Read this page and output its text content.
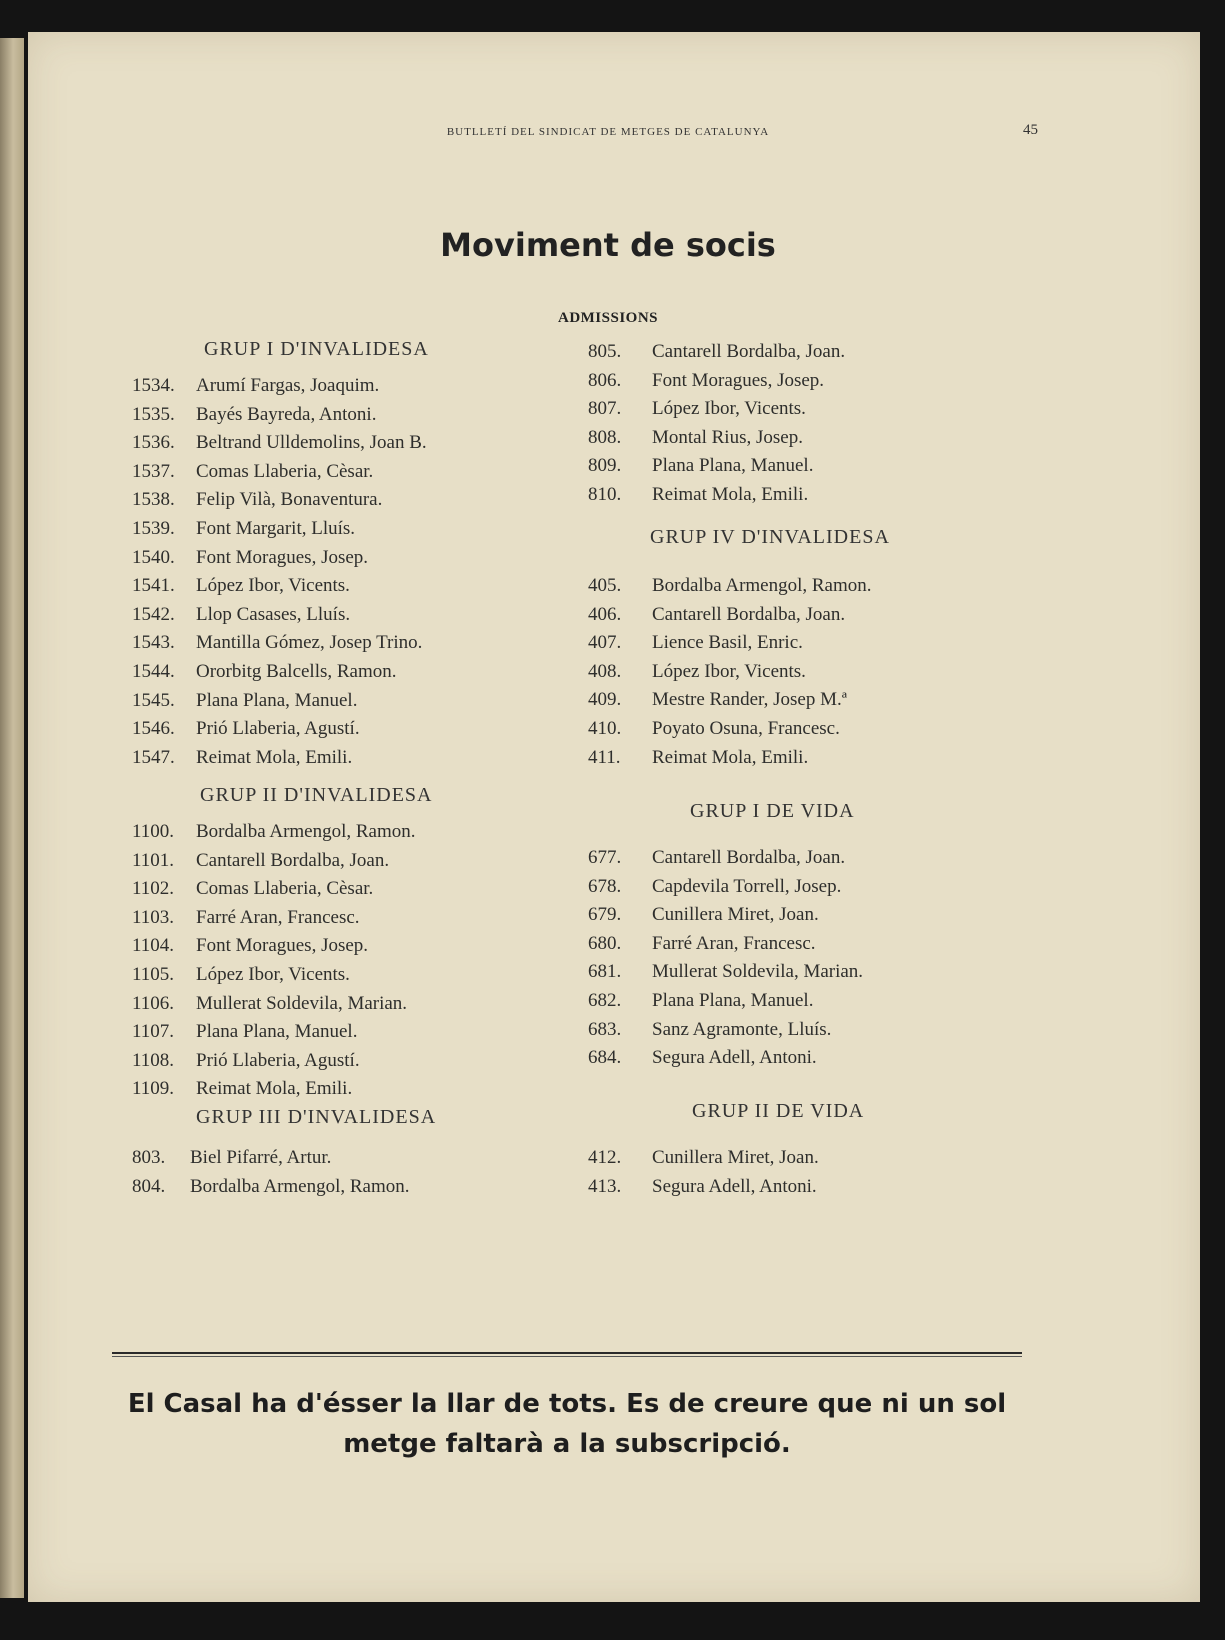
BUTLLETÍ DEL SINDICAT DE METGES DE CATALUNYA	45
Moviment de socis
ADMISSIONS
GRUP I D'INVALIDESA
1534. Arumí Fargas, Joaquim.
1535. Bayés Bayreda, Antoni.
1536. Beltrand Ulldemolins, Joan B.
1537. Comas Llaberia, Cèsar.
1538. Felip Vilà, Bonaventura.
1539. Font Margarit, Lluís.
1540. Font Moragues, Josep.
1541. López Ibor, Vicents.
1542. Llop Casases, Lluís.
1543. Mantilla Gómez, Josep Trino.
1544. Ororbitg Balcells, Ramon.
1545. Plana Plana, Manuel.
1546. Prió Llaberia, Agustí.
1547. Reimat Mola, Emili.
GRUP II D'INVALIDESA
1100. Bordalba Armengol, Ramon.
1101. Cantarell Bordalba, Joan.
1102. Comas Llaberia, Cèsar.
1103. Farré Aran, Francesc.
1104. Font Moragues, Josep.
1105. López Ibor, Vicents.
1106. Mullerat Soldevila, Marian.
1107. Plana Plana, Manuel.
1108. Prió Llaberia, Agustí.
1109. Reimat Mola, Emili.
GRUP III D'INVALIDESA
803. Biel Pifarré, Artur.
804. Bordalba Armengol, Ramon.
805. Cantarell Bordalba, Joan.
806. Font Moragues, Josep.
807. López Ibor, Vicents.
808. Montal Rius, Josep.
809. Plana Plana, Manuel.
810. Reimat Mola, Emili.
GRUP IV D'INVALIDESA
405. Bordalba Armengol, Ramon.
406. Cantarell Bordalba, Joan.
407. Lience Basil, Enric.
408. López Ibor, Vicents.
409. Mestre Rander, Josep M.ª
410. Poyato Osuna, Francesc.
411. Reimat Mola, Emili.
GRUP I DE VIDA
677. Cantarell Bordalba, Joan.
678. Capdevila Torrell, Josep.
679. Cunillera Miret, Joan.
680. Farré Aran, Francesc.
681. Mullerat Soldevila, Marian.
682. Plana Plana, Manuel.
683. Sanz Agramonte, Lluís.
684. Segura Adell, Antoni.
GRUP II DE VIDA
412. Cunillera Miret, Joan.
413. Segura Adell, Antoni.
El Casal ha d'ésser la llar de tots. Es de creure que ni un sol metge faltarà a la subscripció.
